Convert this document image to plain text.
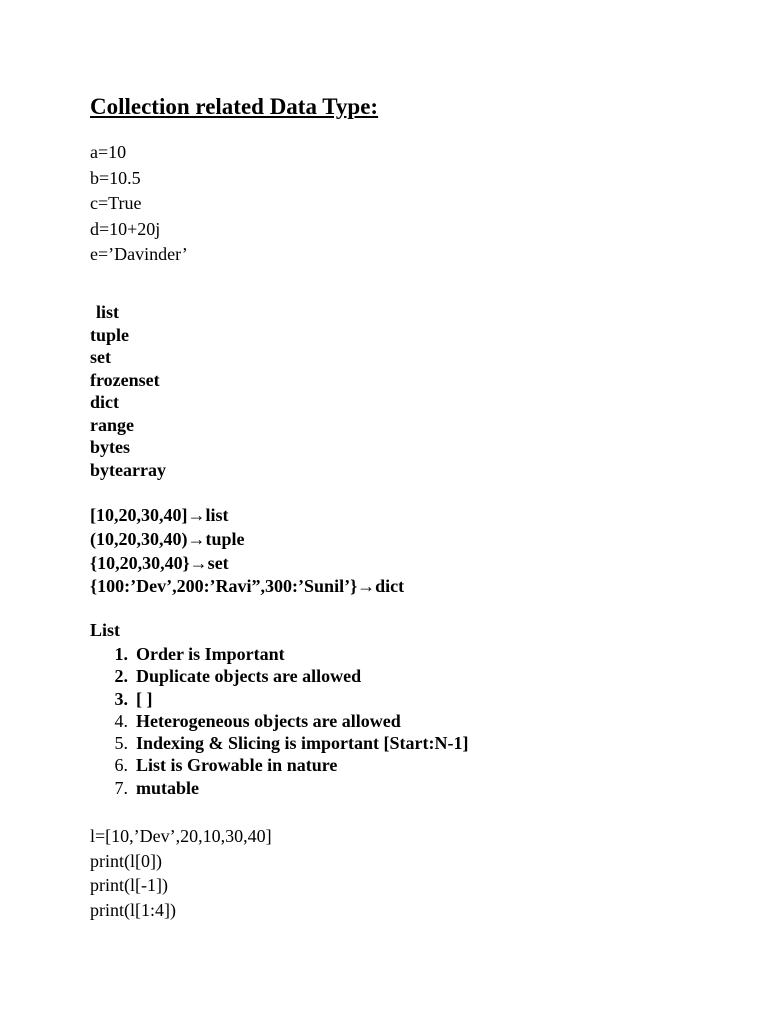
Collection related Data Type:
a=10
b=10.5
c=True
d=10+20j
e=’Davinder’
list
tuple
set
frozenset
dict
range
bytes
bytearray
[10,20,30,40]→list
(10,20,30,40)→tuple
{10,20,30,40}→set
{100:’Dev’,200:’Ravi”,300:’Sunil’}→dict
List
1. Order is Important
2. Duplicate objects are allowed
3. [ ]
4. Heterogeneous objects are allowed
5. Indexing & Slicing is important [Start:N-1]
6. List is Growable in nature
7. mutable
l=[10,’Dev’,20,10,30,40]
print(l[0])
print(l[-1])
print(l[1:4])
